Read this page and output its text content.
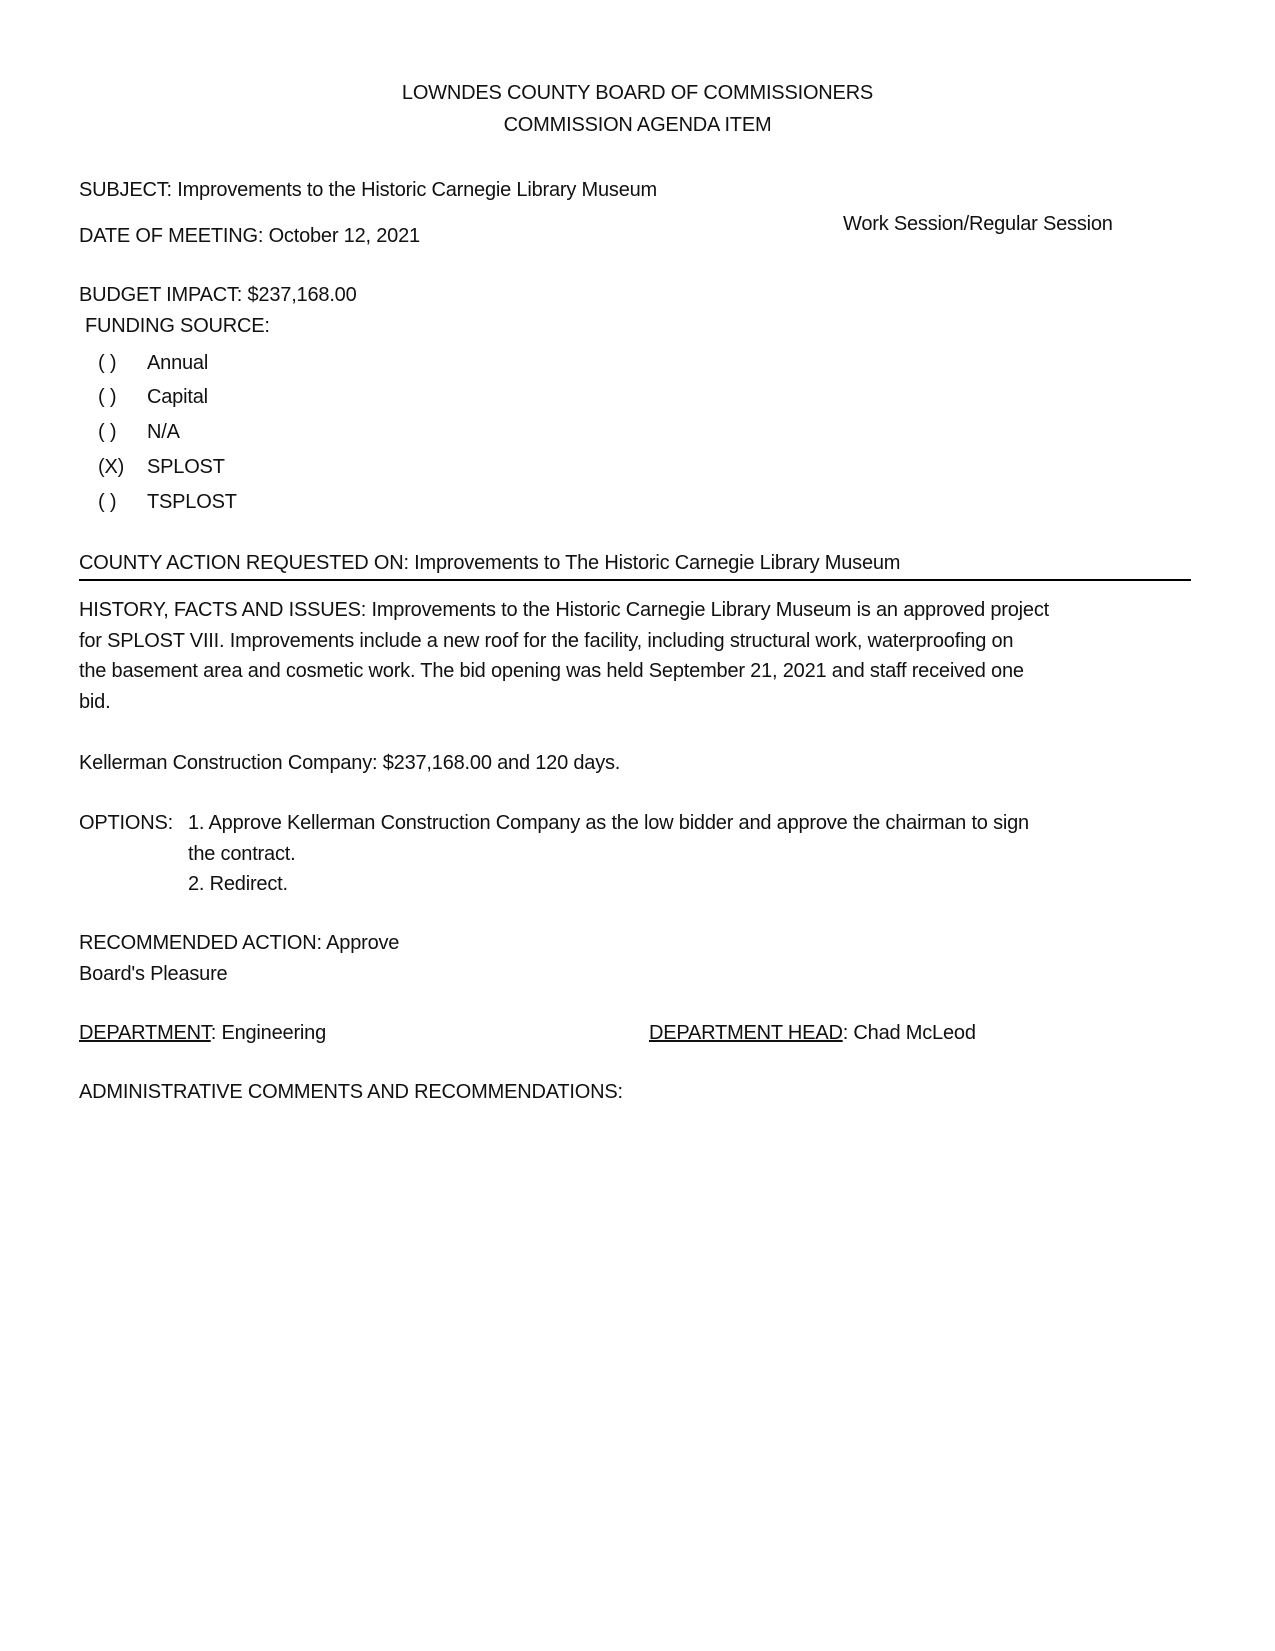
LOWNDES COUNTY BOARD OF COMMISSIONERS
COMMISSION AGENDA ITEM
SUBJECT: Improvements to the Historic Carnegie Library Museum
DATE OF MEETING: October 12, 2021
Work Session/Regular Session
BUDGET IMPACT: $237,168.00
FUNDING SOURCE:
( ) Annual
( ) Capital
( ) N/A
(X) SPLOST
( ) TSPLOST
COUNTY ACTION REQUESTED ON: Improvements to The Historic Carnegie Library Museum
HISTORY, FACTS AND ISSUES: Improvements to the Historic Carnegie Library Museum is an approved project
for SPLOST VIII. Improvements include a new roof for the facility, including structural work, waterproofing on
the basement area and cosmetic work. The bid opening was held September 21, 2021 and staff received one
bid.
Kellerman Construction Company: $237,168.00 and 120 days.
OPTIONS: 1. Approve Kellerman Construction Company as the low bidder and approve the chairman to sign
the contract.
2. Redirect.
RECOMMENDED ACTION: Approve
Board's Pleasure
DEPARTMENT: Engineering	DEPARTMENT HEAD: Chad McLeod
ADMINISTRATIVE COMMENTS AND RECOMMENDATIONS:
